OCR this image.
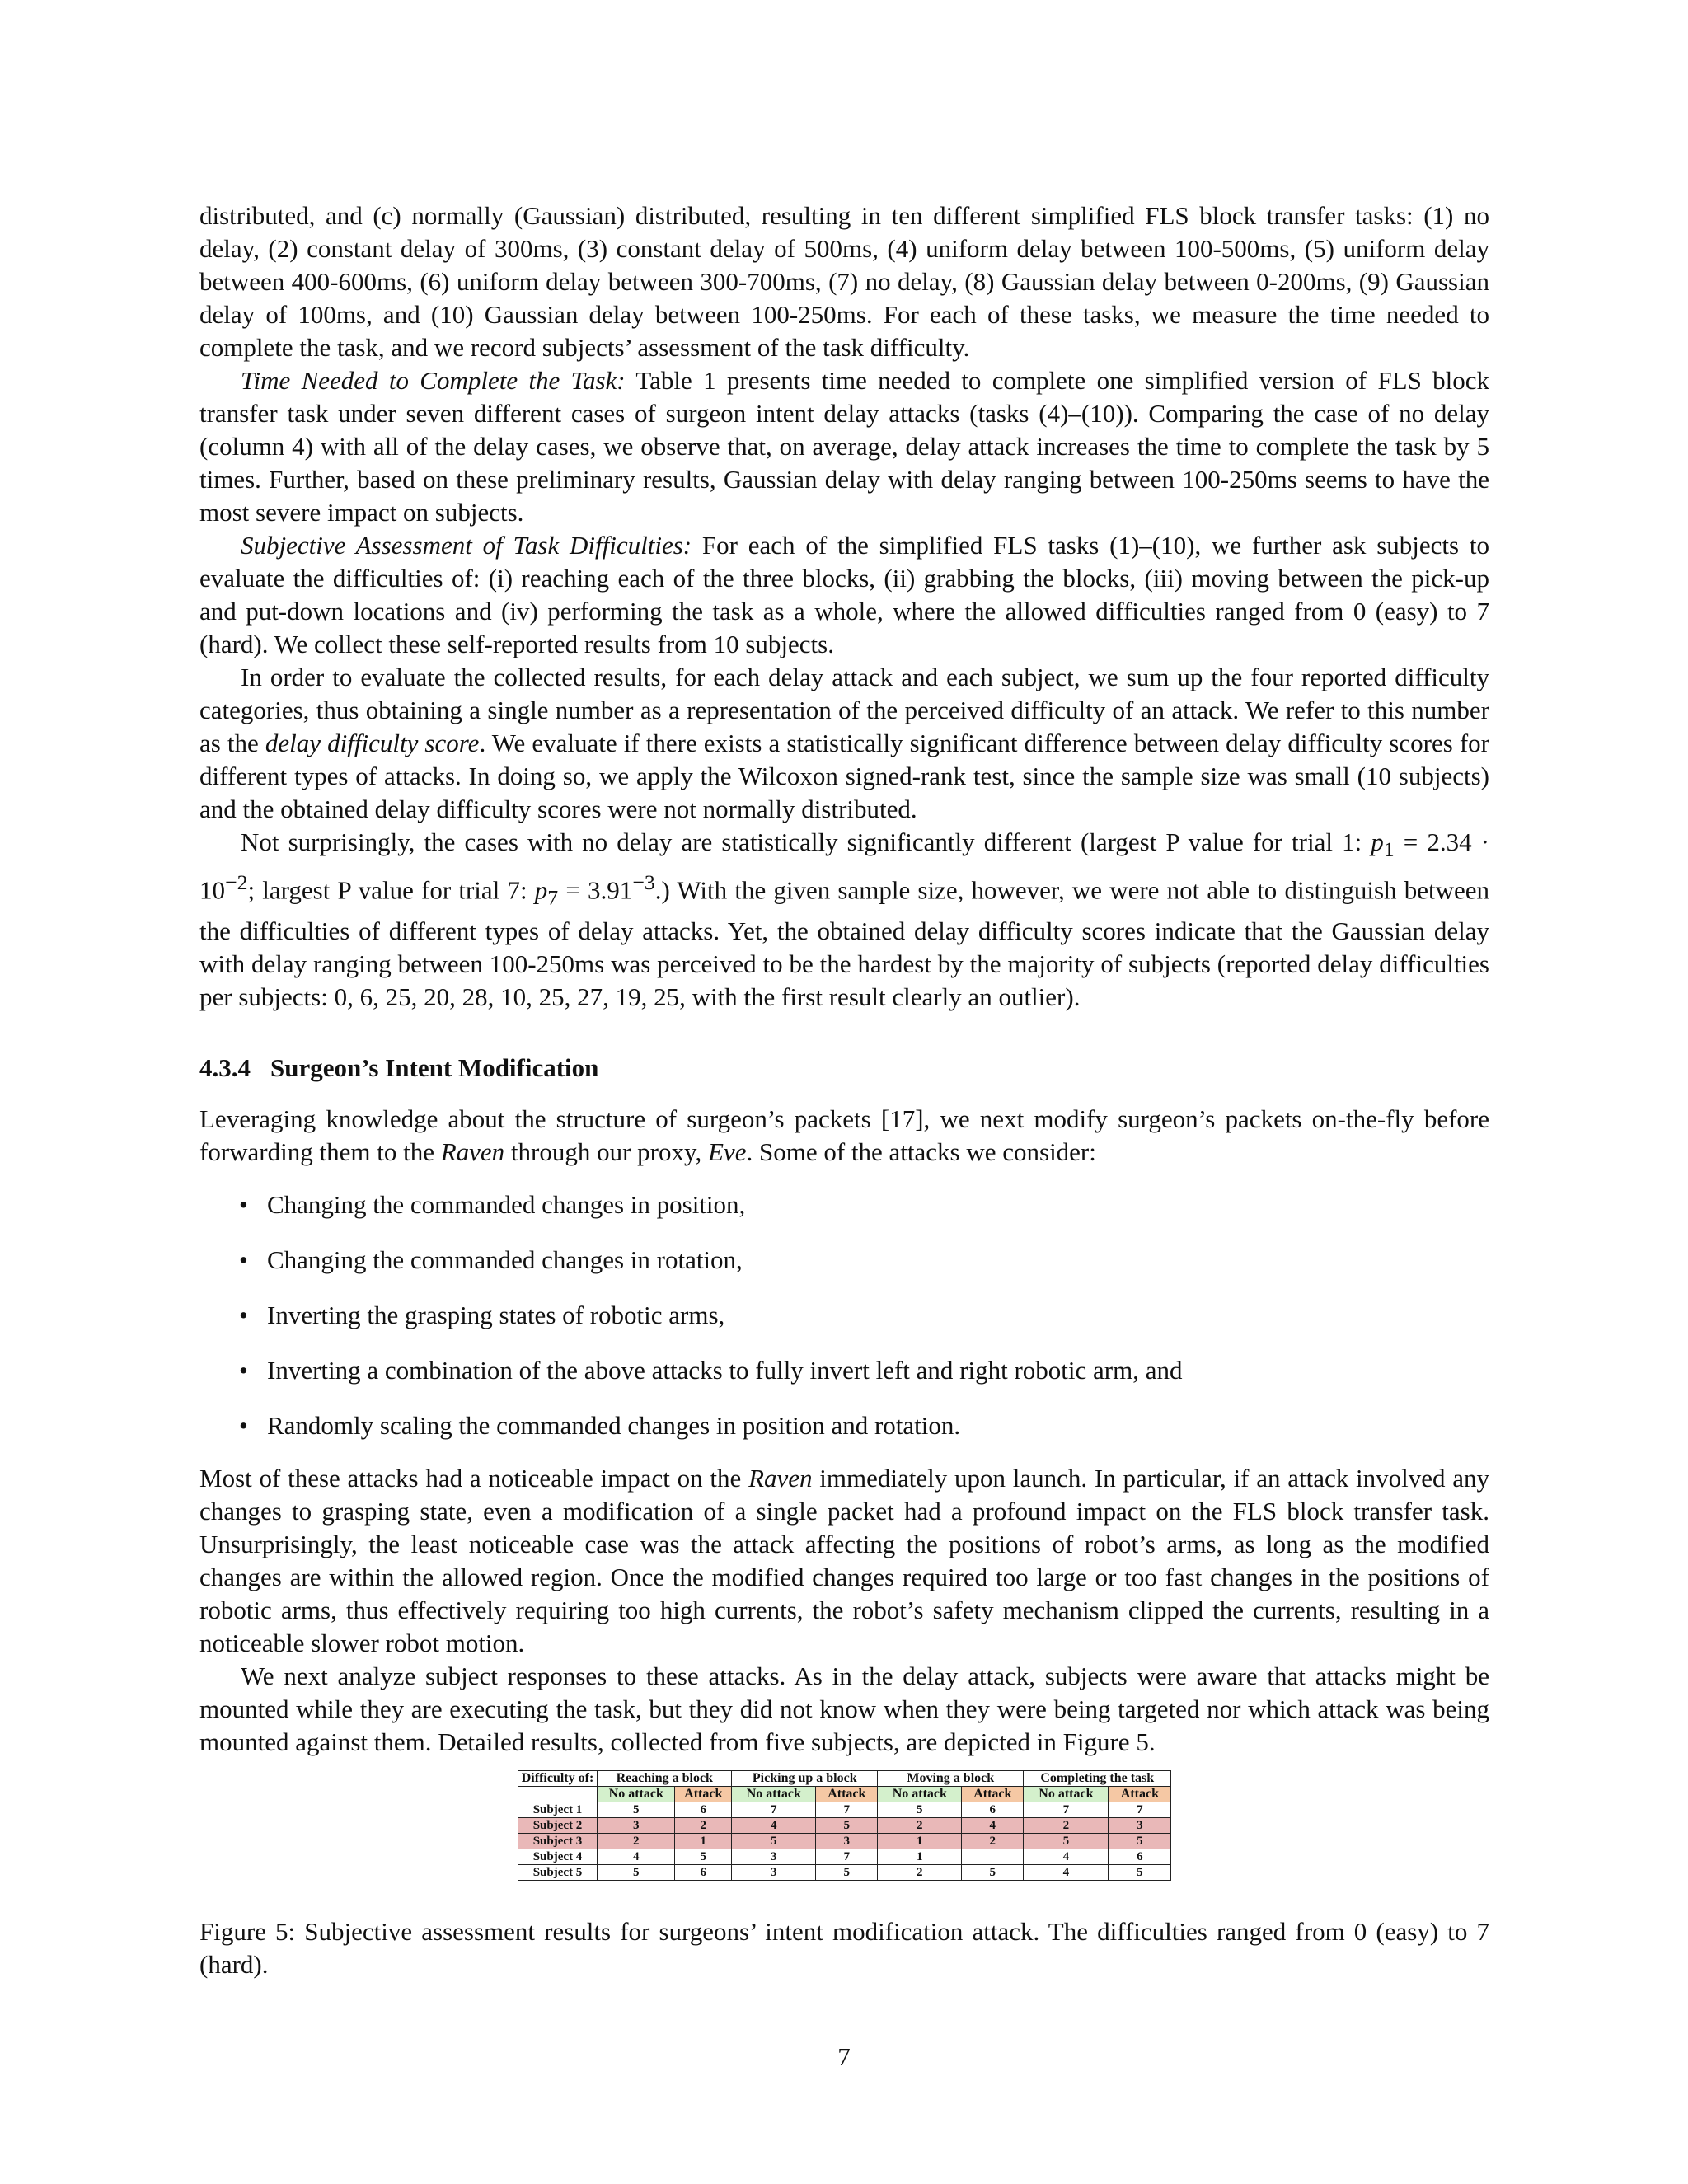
distributed, and (c) normally (Gaussian) distributed, resulting in ten different simplified FLS block transfer tasks: (1) no delay, (2) constant delay of 300ms, (3) constant delay of 500ms, (4) uniform delay between 100-500ms, (5) uniform delay between 400-600ms, (6) uniform delay between 300-700ms, (7) no delay, (8) Gaussian delay between 0-200ms, (9) Gaussian delay of 100ms, and (10) Gaussian delay between 100-250ms. For each of these tasks, we measure the time needed to complete the task, and we record subjects’ assessment of the task difficulty.

Time Needed to Complete the Task: Table 1 presents time needed to complete one simplified version of FLS block transfer task under seven different cases of surgeon intent delay attacks (tasks (4)–(10)). Comparing the case of no delay (column 4) with all of the delay cases, we observe that, on average, delay attack increases the time to complete the task by 5 times. Further, based on these preliminary results, Gaussian delay with delay ranging between 100-250ms seems to have the most severe impact on subjects.

Subjective Assessment of Task Difficulties: For each of the simplified FLS tasks (1)–(10), we further ask subjects to evaluate the difficulties of: (i) reaching each of the three blocks, (ii) grabbing the blocks, (iii) moving between the pick-up and put-down locations and (iv) performing the task as a whole, where the allowed difficulties ranged from 0 (easy) to 7 (hard). We collect these self-reported results from 10 subjects.

In order to evaluate the collected results, for each delay attack and each subject, we sum up the four reported difficulty categories, thus obtaining a single number as a representation of the perceived difficulty of an attack. We refer to this number as the delay difficulty score. We evaluate if there exists a statistically significant difference between delay difficulty scores for different types of attacks. In doing so, we apply the Wilcoxon signed-rank test, since the sample size was small (10 subjects) and the obtained delay difficulty scores were not normally distributed.

Not surprisingly, the cases with no delay are statistically significantly different (largest P value for trial 1: $p_1 = 2.34 \cdot 10^{-2}$; largest P value for trial 7: $p_7 = 3.91^{-3}$.) With the given sample size, however, we were not able to distinguish between the difficulties of different types of delay attacks. Yet, the obtained delay difficulty scores indicate that the Gaussian delay with delay ranging between 100-250ms was perceived to be the hardest by the majority of subjects (reported delay difficulties per subjects: 0, 6, 25, 20, 28, 10, 25, 27, 19, 25, with the first result clearly an outlier).

4.3.4 Surgeon’s Intent Modification

Leveraging knowledge about the structure of surgeon’s packets [17], we next modify surgeon’s packets on-the-fly before forwarding them to the Raven through our proxy, Eve. Some of the attacks we consider:

• Changing the commanded changes in position,
• Changing the commanded changes in rotation,
• Inverting the grasping states of robotic arms,
• Inverting a combination of the above attacks to fully invert left and right robotic arm, and
• Randomly scaling the commanded changes in position and rotation.

Most of these attacks had a noticeable impact on the Raven immediately upon launch. In particular, if an attack involved any changes to grasping state, even a modification of a single packet had a profound impact on the FLS block transfer task. Unsurprisingly, the least noticeable case was the attack affecting the positions of robot’s arms, as long as the modified changes are within the allowed region. Once the modified changes required too large or too fast changes in the positions of robotic arms, thus effectively requiring too high currents, the robot’s safety mechanism clipped the currents, resulting in a noticeable slower robot motion.

We next analyze subject responses to these attacks. As in the delay attack, subjects were aware that attacks might be mounted while they are executing the task, but they did not know when they were being targeted nor which attack was being mounted against them. Detailed results, collected from five subjects, are depicted in Figure 5.

Difficulty of:	Reaching a block		Picking up a block		Moving a block		Completing the task	
	No attack	Attack	No attack	Attack	No attack	Attack	No attack	Attack
Subject 1	5	6	7	7	5	6	7	7
Subject 2	3	2	4	5	2	4	2	3
Subject 3	2	1	5	3	1	2	5	5
Subject 4	4	5	3	7	1		4	6
Subject 5	5	6	3	5	2	5	4	5

Figure 5: Subjective assessment results for surgeons’ intent modification attack. The difficulties ranged from 0 (easy) to 7 (hard).

7
